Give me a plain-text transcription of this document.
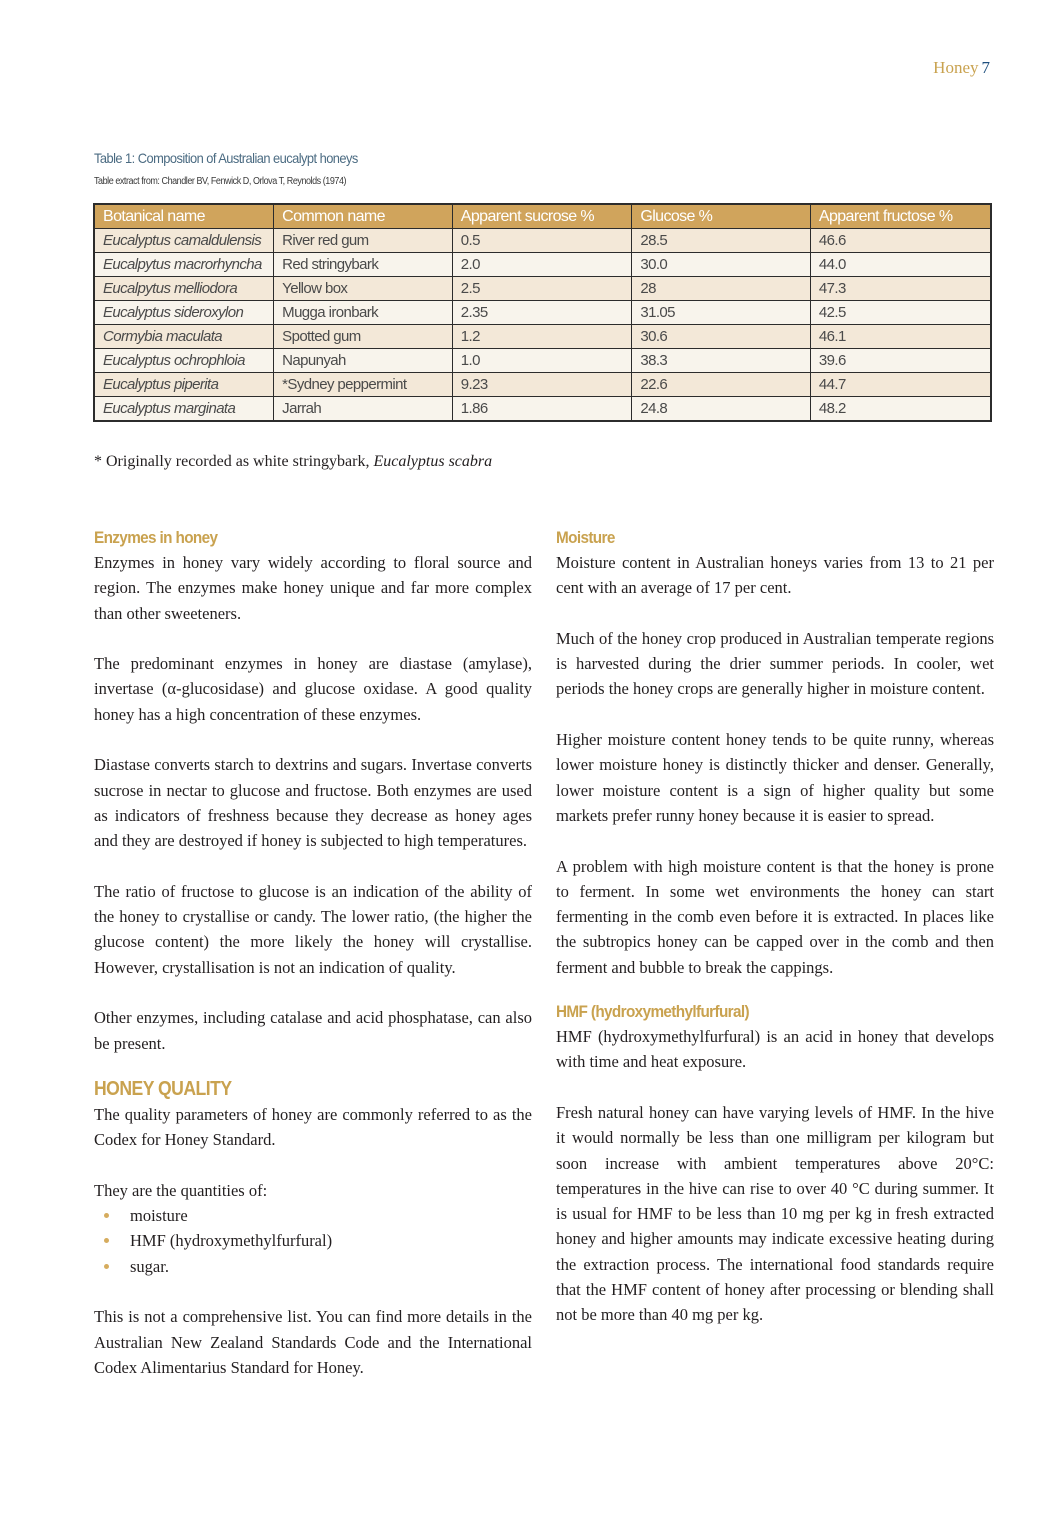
Honey 7
Table 1: Composition of Australian eucalypt honeys
Table extract from: Chandler BV, Fenwick D, Orlova T, Reynolds (1974)
Botanical name	Common name	Apparent sucrose %	Glucose %	Apparent fructose %
Eucalyptus camaldulensis	River red gum	0.5	28.5	46.6
Eucalpytus macrorhyncha	Red stringybark	2.0	30.0	44.0
Eucalpytus melliodora	Yellow box	2.5	28	47.3
Eucalyptus sideroxylon	Mugga ironbark	2.35	31.05	42.5
Cormybia maculata	Spotted gum	1.2	30.6	46.1
Eucalyptus ochrophloia	Napunyah	1.0	38.3	39.6
Eucalyptus piperita	*Sydney peppermint	9.23	22.6	44.7
Eucalyptus marginata	Jarrah	1.86	24.8	48.2
* Originally recorded as white stringybark, Eucalyptus scabra
Enzymes in honey

Enzymes in honey vary widely according to floral source and region. The enzymes make honey unique and far more complex than other sweeteners.

The predominant enzymes in honey are diastase (amylase), invertase (α-glucosidase) and glucose oxidase. A good quality honey has a high concentration of these enzymes.

Diastase converts starch to dextrins and sugars. Invertase converts sucrose in nectar to glucose and fructose. Both enzymes are used as indicators of freshness because they decrease as honey ages and they are destroyed if honey is subjected to high temperatures.

The ratio of fructose to glucose is an indication of the ability of the honey to crystallise or candy. The lower ratio, (the higher the glucose content) the more likely the honey will crystallise. However, crystallisation is not an indication of quality.

Other enzymes, including catalase and acid phosphatase, can also be present.

HONEY QUALITY

The quality parameters of honey are commonly referred to as the Codex for Honey Standard.

They are the quantities of:

moisture
HMF (hydroxymethylfurfural)
sugar.

This is not a comprehensive list. You can find more details in the Australian New Zealand Standards Code and the International Codex Alimentarius Standard for Honey.

Moisture

Moisture content in Australian honeys varies from 13 to 21 per cent with an average of 17 per cent.

Much of the honey crop produced in Australian temperate regions is harvested during the drier summer periods. In cooler, wet periods the honey crops are generally higher in moisture content.

Higher moisture content honey tends to be quite runny, whereas lower moisture honey is distinctly thicker and denser. Generally, lower moisture content is a sign of higher quality but some markets prefer runny honey because it is easier to spread.

A problem with high moisture content is that the honey is prone to ferment. In some wet environments the honey can start fermenting in the comb even before it is extracted. In places like the subtropics honey can be capped over in the comb and then ferment and bubble to break the cappings.

HMF (hydroxymethylfurfural)

HMF (hydroxymethylfurfural) is an acid in honey that develops with time and heat exposure.

Fresh natural honey can have varying levels of HMF. In the hive it would normally be less than one milligram per kilogram but soon increase with ambient temperatures above 20°C: temperatures in the hive can rise to over 40 °C during summer. It is usual for HMF to be less than 10 mg per kg in fresh extracted honey and higher amounts may indicate excessive heating during the extraction process. The international food standards require that the HMF content of honey after processing or blending shall not be more than 40 mg per kg.
